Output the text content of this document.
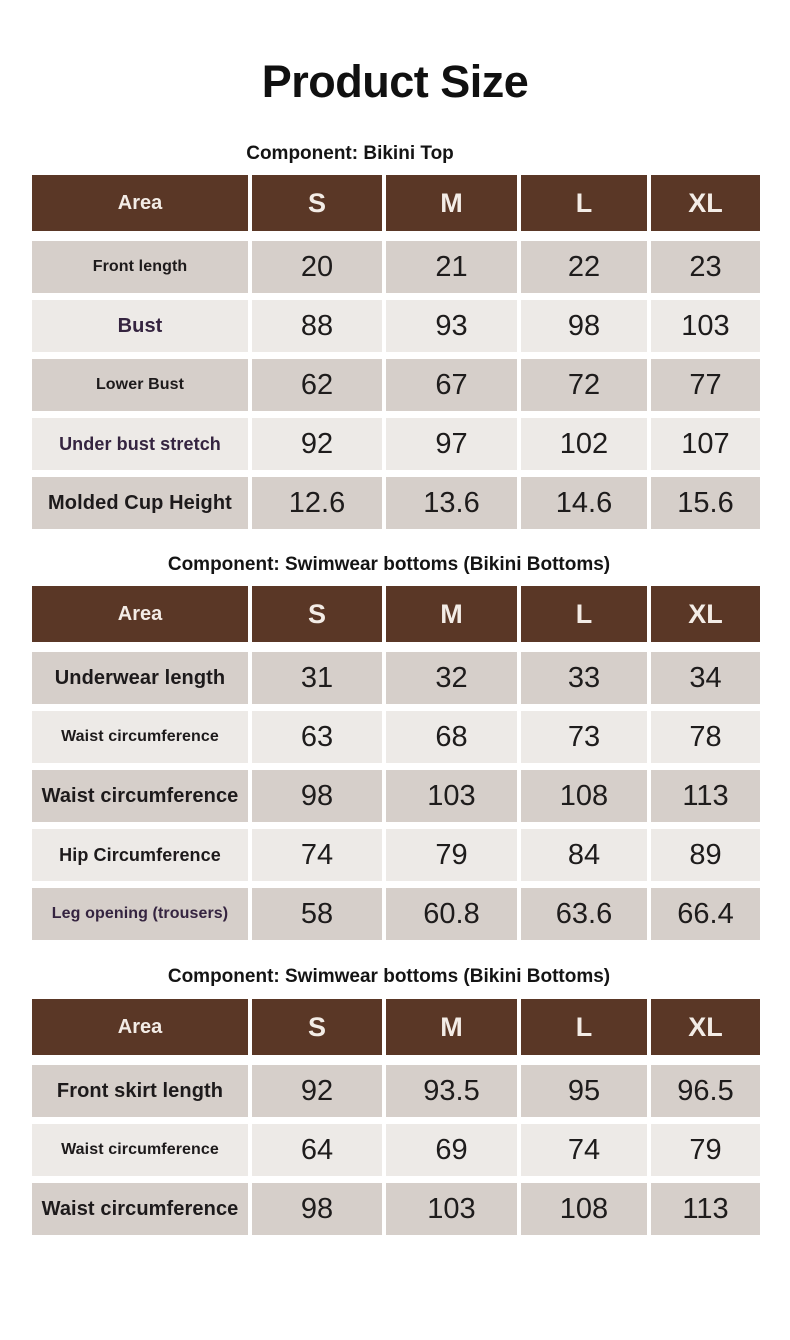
Product Size
Component: Bikini Top
Area	S	M	L	XL
Front length	20	21	22	23
Bust	88	93	98	103
Lower Bust	62	67	72	77
Under bust stretch	92	97	102	107
Molded Cup Height	12.6	13.6	14.6	15.6
Component: Swimwear bottoms (Bikini Bottoms)
Area	S	M	L	XL
Underwear length	31	32	33	34
Waist circumference	63	68	73	78
Waist circumference	98	103	108	113
Hip Circumference	74	79	84	89
Leg opening (trousers)	58	60.8	63.6	66.4
Component: Swimwear bottoms (Bikini Bottoms)
Area	S	M	L	XL
Front skirt length	92	93.5	95	96.5
Waist circumference	64	69	74	79
Waist circumference	98	103	108	113
